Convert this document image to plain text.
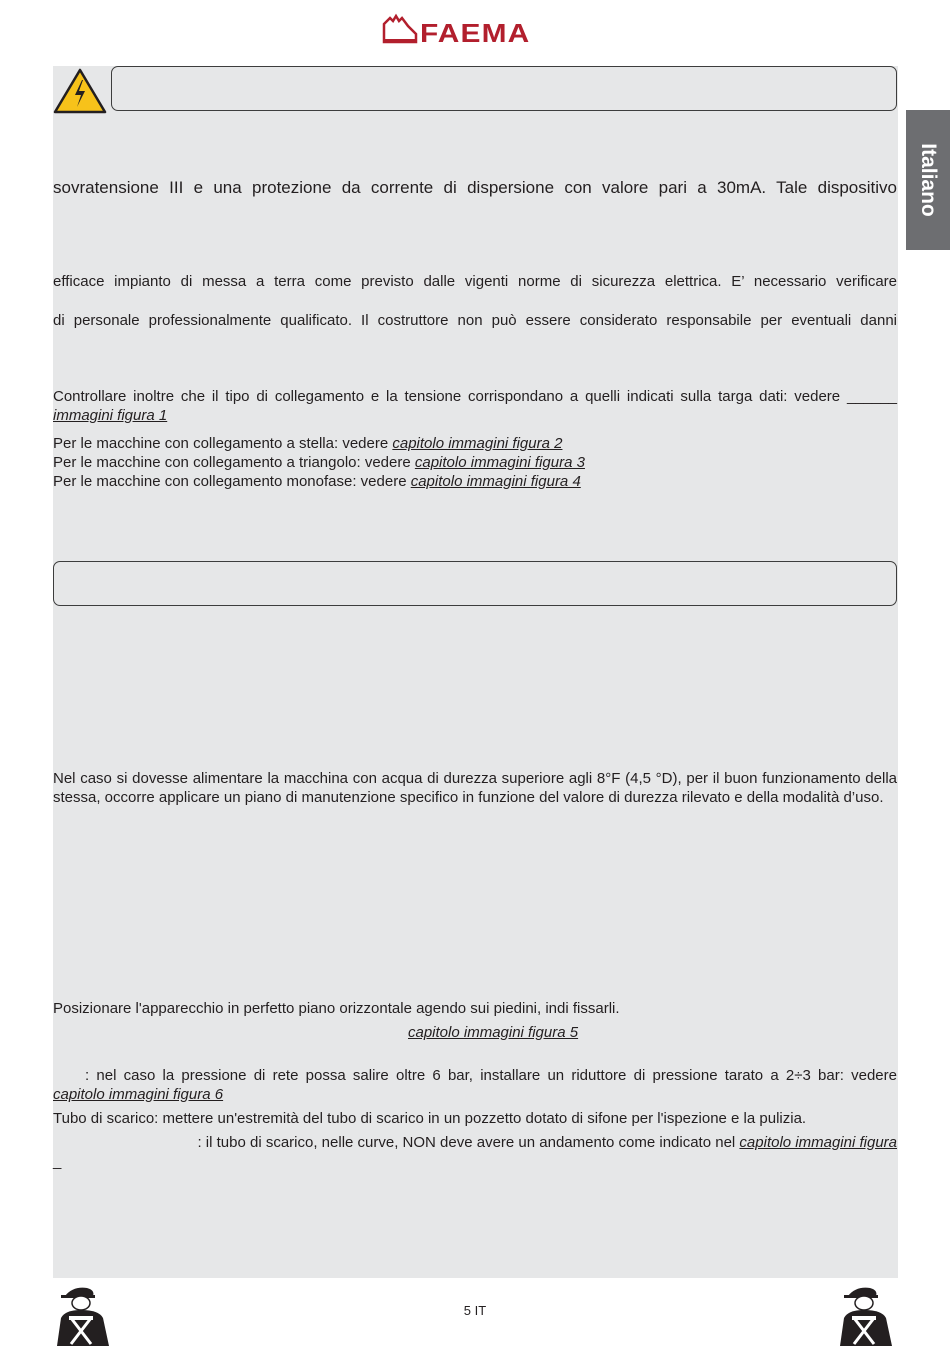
FAEMA
Italiano
sovratensione III e una protezione da corrente di dispersione con valore pari a 30mA. Tale dispositivo
efficace impianto di messa a terra come previsto dalle vigenti norme di sicurezza elettrica. E’ necessario verificare
di personale professionalmente qualificato. Il costruttore non può essere considerato responsabile per eventuali danni
Controllare inoltre che il tipo di collegamento e la tensione corrispondano a quelli indicati sulla targa dati: vedere ______
immagini figura 1
Per le macchine con collegamento a stella: vedere capitolo immagini figura 2
Per le macchine con collegamento a triangolo: vedere capitolo immagini figura 3
Per le macchine con collegamento monofase: vedere capitolo immagini figura 4
Nel caso si dovesse alimentare la macchina con acqua di durezza superiore agli 8°F (4,5 °D), per il buon funzionamento della stessa, occorre applicare un piano di manutenzione specifico in funzione del valore di durezza rilevato e della modalità d’uso.
Posizionare l'apparecchio in perfetto piano orizzontale agendo sui piedini, indi fissarli.
capitolo immagini figura 5
: nel caso la pressione di rete possa salire oltre 6 bar, installare un riduttore di pressione tarato a 2÷3 bar: vedere
capitolo immagini figura 6
Tubo di scarico: mettere un'estremità del tubo di scarico in un pozzetto dotato di sifone per l'ispezione e la pulizia.
: il tubo di scarico, nelle curve, NON deve avere un andamento come indicato nel capitolo immagini figura
_
5 IT
